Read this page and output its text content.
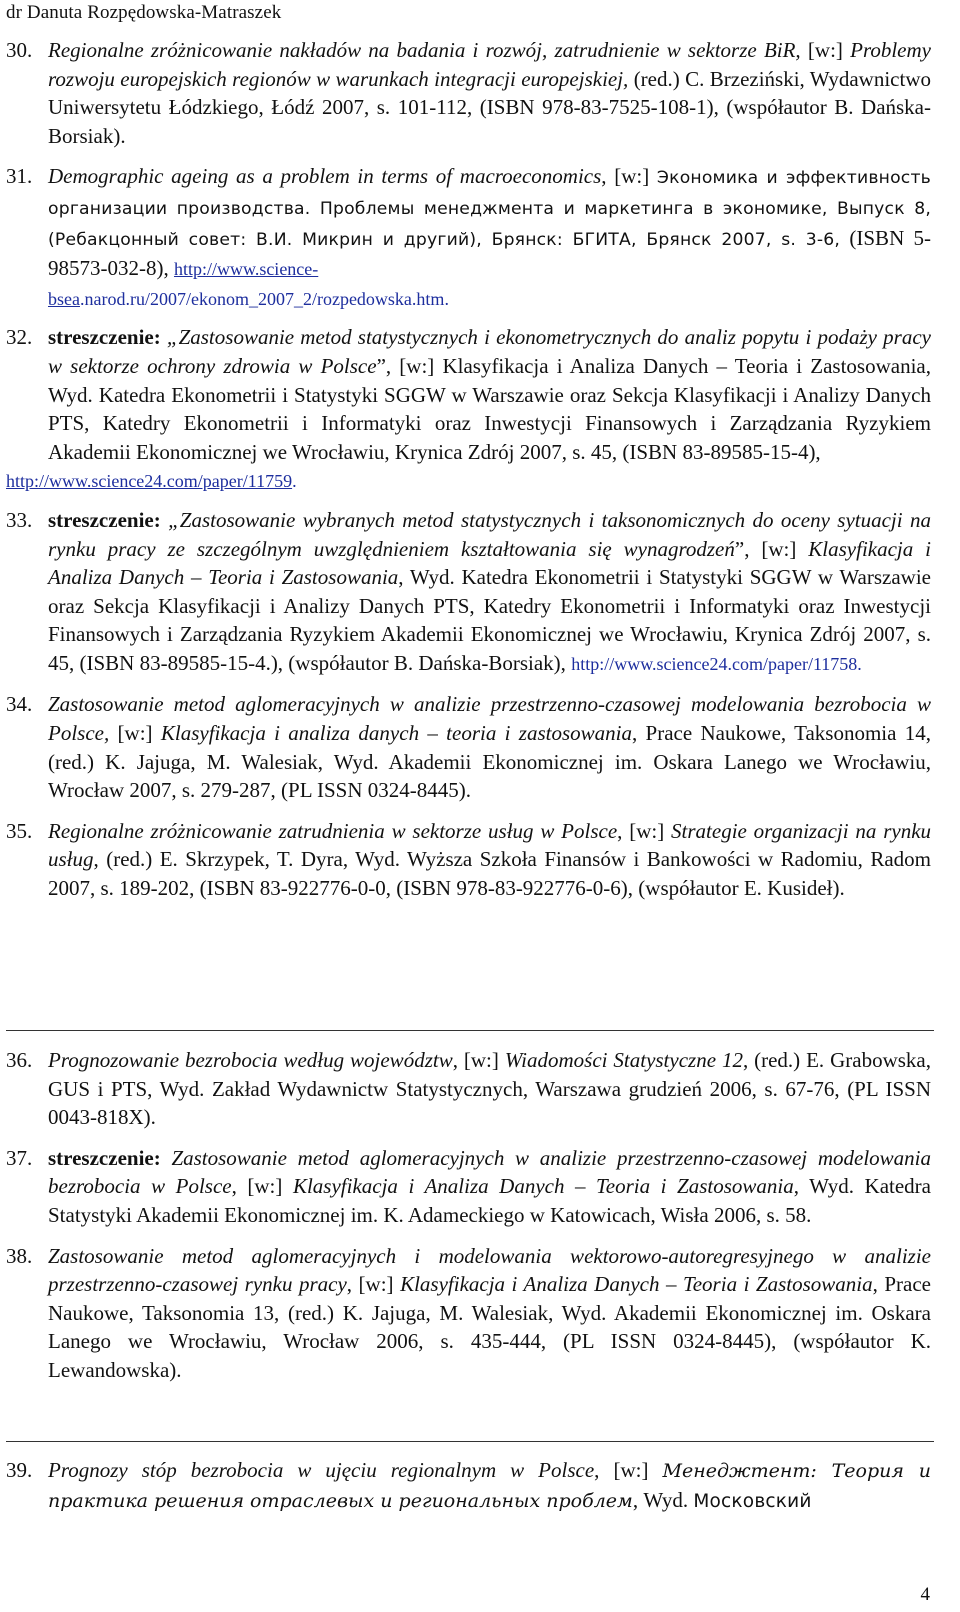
dr Danuta Rozpędowska-Matraszek
30. Regionalne zróżnicowanie nakładów na badania i rozwój, zatrudnienie w sektorze BiR, [w:] Problemy rozwoju europejskich regionów w warunkach integracji europejskiej, (red.) C. Brzeziński, Wydawnictwo Uniwersytetu Łódzkiego, Łódź 2007, s. 101-112, (ISBN 978-83-7525-108-1), (współautor B. Dańska-Borsiak).
31. Demographic ageing as a problem in terms of macroeconomics, [w:] Экономика и эффективность организации производства. Проблемы менеджмента и маркетинга в экономике, Выпуск 8, (Ребакцонный совет: В.И. Микрин и другий), Брянск: БГИТА, Брянск 2007, s. 3-6, (ISBN 5-98573-032-8), http://www.science-
bsea.narod.ru/2007/ekonom_2007_2/rozpedowska.htm.
32. streszczenie: „Zastosowanie metod statystycznych i ekonometrycznych do analiz popytu i podaży pracy w sektorze ochrony zdrowia w Polsce”, [w:] Klasyfikacja i Analiza Danych – Teoria i Zastosowania, Wyd. Katedra Ekonometrii i Statystyki SGGW w Warszawie oraz Sekcja Klasyfikacji i Analizy Danych PTS, Katedry Ekonometrii i Informatyki oraz Inwestycji Finansowych i Zarządzania Ryzykiem Akademii Ekonomicznej we Wrocławiu, Krynica Zdrój 2007, s. 45, (ISBN 83-89585-15-4),
http://www.science24.com/paper/11759.
33. streszczenie: „Zastosowanie wybranych metod statystycznych i taksonomicznych do oceny sytuacji na rynku pracy ze szczególnym uwzględnieniem kształtowania się wynagrodzeń”, [w:] Klasyfikacja i Analiza Danych – Teoria i Zastosowania, Wyd. Katedra Ekonometrii i Statystyki SGGW w Warszawie oraz Sekcja Klasyfikacji i Analizy Danych PTS, Katedry Ekonometrii i Informatyki oraz Inwestycji Finansowych i Zarządzania Ryzykiem Akademii Ekonomicznej we Wrocławiu, Krynica Zdrój 2007, s. 45, (ISBN 83-89585-15-4.), (współautor B. Dańska-Borsiak), http://www.science24.com/paper/11758.
34. Zastosowanie metod aglomeracyjnych w analizie przestrzenno-czasowej modelowania bezrobocia w Polsce, [w:] Klasyfikacja i analiza danych – teoria i zastosowania, Prace Naukowe, Taksonomia 14, (red.) K. Jajuga, M. Walesiak, Wyd. Akademii Ekonomicznej im. Oskara Lanego we Wrocławiu, Wrocław 2007, s. 279-287, (PL ISSN 0324-8445).
35. Regionalne zróżnicowanie zatrudnienia w sektorze usług w Polsce, [w:] Strategie organizacji na rynku usług, (red.) E. Skrzypek, T. Dyra, Wyd. Wyższa Szkoła Finansów i Bankowości w Radomiu, Radom 2007, s. 189-202, (ISBN 83-922776-0-0, (ISBN 978-83-922776-0-6), (współautor E. Kusideł).
36. Prognozowanie bezrobocia według województw, [w:] Wiadomości Statystyczne 12, (red.) E. Grabowska, GUS i PTS, Wyd. Zakład Wydawnictw Statystycznych, Warszawa grudzień 2006, s. 67-76, (PL ISSN 0043-818X).
37. streszczenie: Zastosowanie metod aglomeracyjnych w analizie przestrzenno-czasowej modelowania bezrobocia w Polsce, [w:] Klasyfikacja i Analiza Danych – Teoria i Zastosowania, Wyd. Katedra Statystyki Akademii Ekonomicznej im. K. Adameckiego w Katowicach, Wisła 2006, s. 58.
38. Zastosowanie metod aglomeracyjnych i modelowania wektorowo-autoregresyjnego w analizie przestrzenno-czasowej rynku pracy, [w:] Klasyfikacja i Analiza Danych – Teoria i Zastosowania, Prace Naukowe, Taksonomia 13, (red.) K. Jajuga, M. Walesiak, Wyd. Akademii Ekonomicznej im. Oskara Lanego we Wrocławiu, Wrocław 2006, s. 435-444, (PL ISSN 0324-8445), (współautor K. Lewandowska).
39. Prognozy stóp bezrobocia w ujęciu regionalnym w Polsce, [w:] Менеджтент: Теория и практика решения отраслевых и региональных проблем, Wyd. Московский
4
